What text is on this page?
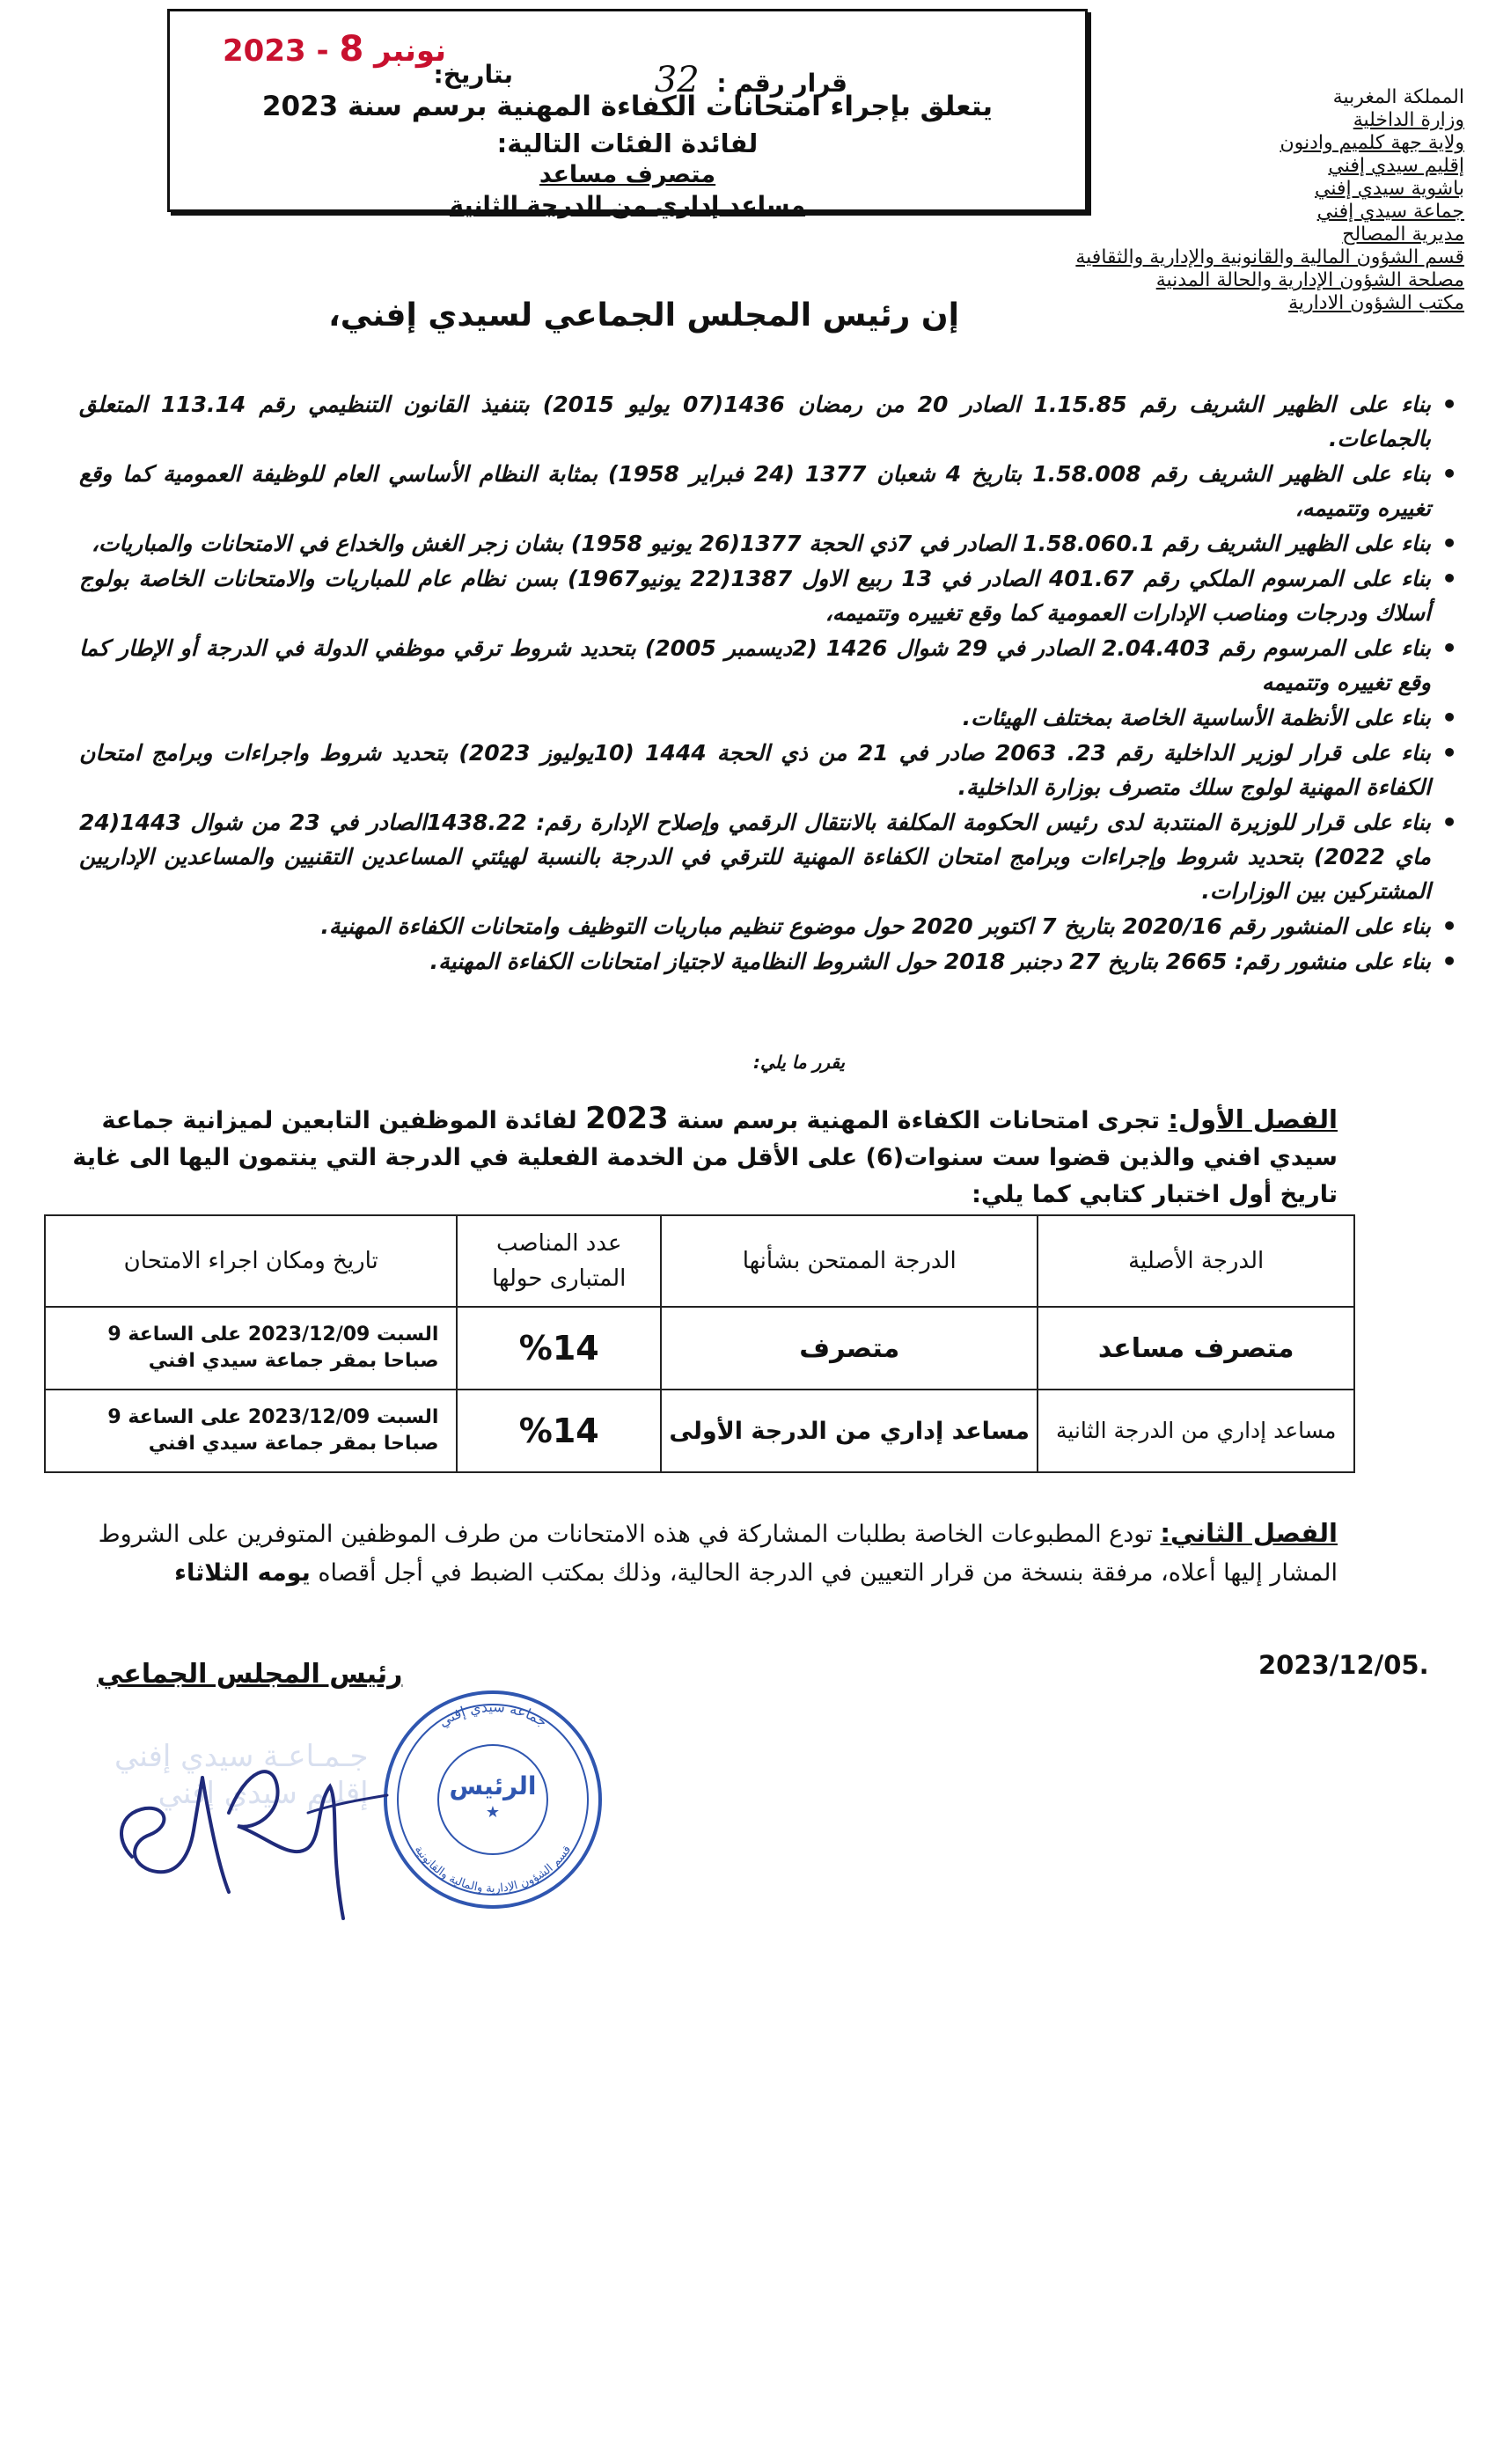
2023 - نونبر 8
بتاريخ:	قرار رقم : 32
يتعلق بإجراء امتحانات الكفاءة المهنية برسم سنة 2023
لفائدة الفئات التالية:
متصرف مساعد
مساعد إداري من الدرجة الثانية
المملكة المغربية
وزارة الداخلية
ولاية جهة كلميم وادنون
إقليم سيدي إفني
باشوية سيدي إفني
جماعة سيدي إفني
مديرية المصالح
قسم الشؤون المالية والقانونية والإدارية والثقافية
مصلحة الشؤون الإدارية والحالة المدنية
مكتب الشؤون الادارية
إن رئيس المجلس الجماعي لسيدي إفني،
• بناء على الظهير الشريف رقم 1.15.85 الصادر 20 من رمضان 1436(07 يوليو 2015) بتنفيذ القانون التنظيمي رقم 113.14 المتعلق بالجماعات.
• بناء على الظهير الشريف رقم 1.58.008 بتاريخ 4 شعبان 1377 (24 فبراير 1958) بمثابة النظام الأساسي العام للوظيفة العمومية كما وقع تغييره وتتميمه،
• بناء على الظهير الشريف رقم 1.58.060.1 الصادر في 7ذي الحجة 1377(26 يونيو 1958) بشان زجر الغش والخداع في الامتحانات والمباريات،
• بناء على المرسوم الملكي رقم 401.67 الصادر في 13 ربيع الاول 1387(22 يونيو1967) بسن نظام عام للمباريات والامتحانات الخاصة بولوج أسلاك ودرجات ومناصب الإدارات العمومية كما وقع تغييره وتتميمه،
• بناء على المرسوم رقم 2.04.403 الصادر في 29 شوال 1426 (2ديسمبر 2005) بتحديد شروط ترقي موظفي الدولة في الدرجة أو الإطار كما وقع تغييره وتتميمه
• بناء على الأنظمة الأساسية الخاصة بمختلف الهيئات.
• بناء على قرار لوزير الداخلية رقم 23. 2063 صادر في 21 من ذي الحجة 1444 (10يوليوز 2023) بتحديد شروط واجراءات وبرامج امتحان الكفاءة المهنية لولوج سلك متصرف بوزارة الداخلية.
• بناء على قرار للوزيرة المنتدبة لدى رئيس الحكومة المكلفة بالانتقال الرقمي وإصلاح الإدارة رقم: 1438.22الصادر في 23 من شوال 1443(24 ماي 2022) بتحديد شروط وإجراءات وبرامج امتحان الكفاءة المهنية للترقي في الدرجة بالنسبة لهيئتي المساعدين التقنيين والمساعدين الإداريين المشتركين بين الوزارات.
• بناء على المنشور رقم 2020/16 بتاريخ 7 اكتوبر 2020 حول موضوع تنظيم مباريات التوظيف وامتحانات الكفاءة المهنية.
• بناء على منشور رقم: 2665 بتاريخ 27 دجنبر 2018 حول الشروط النظامية لاجتياز امتحانات الكفاءة المهنية.
يقرر ما يلي:
الفصل الأول: تجرى امتحانات الكفاءة المهنية برسم سنة 2023 لفائدة الموظفين التابعين لميزانية جماعة سيدي افني والذين قضوا ست سنوات(6) على الأقل من الخدمة الفعلية في الدرجة التي ينتمون اليها الى غاية تاريخ أول اختبار كتابي كما يلي:
الدرجة الأصلية	الدرجة الممتحن بشأنها	عدد المناصب المتبارى حولها	تاريخ ومكان اجراء الامتحان
متصرف مساعد	متصرف	%14	السبت 2023/12/09 على الساعة 9 صباحا بمقر جماعة سيدي افني
مساعد إداري من الدرجة الثانية	مساعد إداري من الدرجة الأولى	%14	السبت 2023/12/09 على الساعة 9 صباحا بمقر جماعة سيدي افني
الفصل الثاني: تودع المطبوعات الخاصة بطلبات المشاركة في هذه الامتحانات من طرف الموظفين المتوفرين على الشروط المشار إليها أعلاه، مرفقة بنسخة من قرار التعيين في الدرجة الحالية، وذلك بمكتب الضبط في أجل أقصاه يومه الثلاثاء
2023/12/05.
رئيس المجلس الجماعي
جـمـاعـة سيدي إفني
إقليم سيدي إفني	الرئيس
★
جماعة سيدي إفني
قسم الشؤون الإدارية والمالية والقانونية
